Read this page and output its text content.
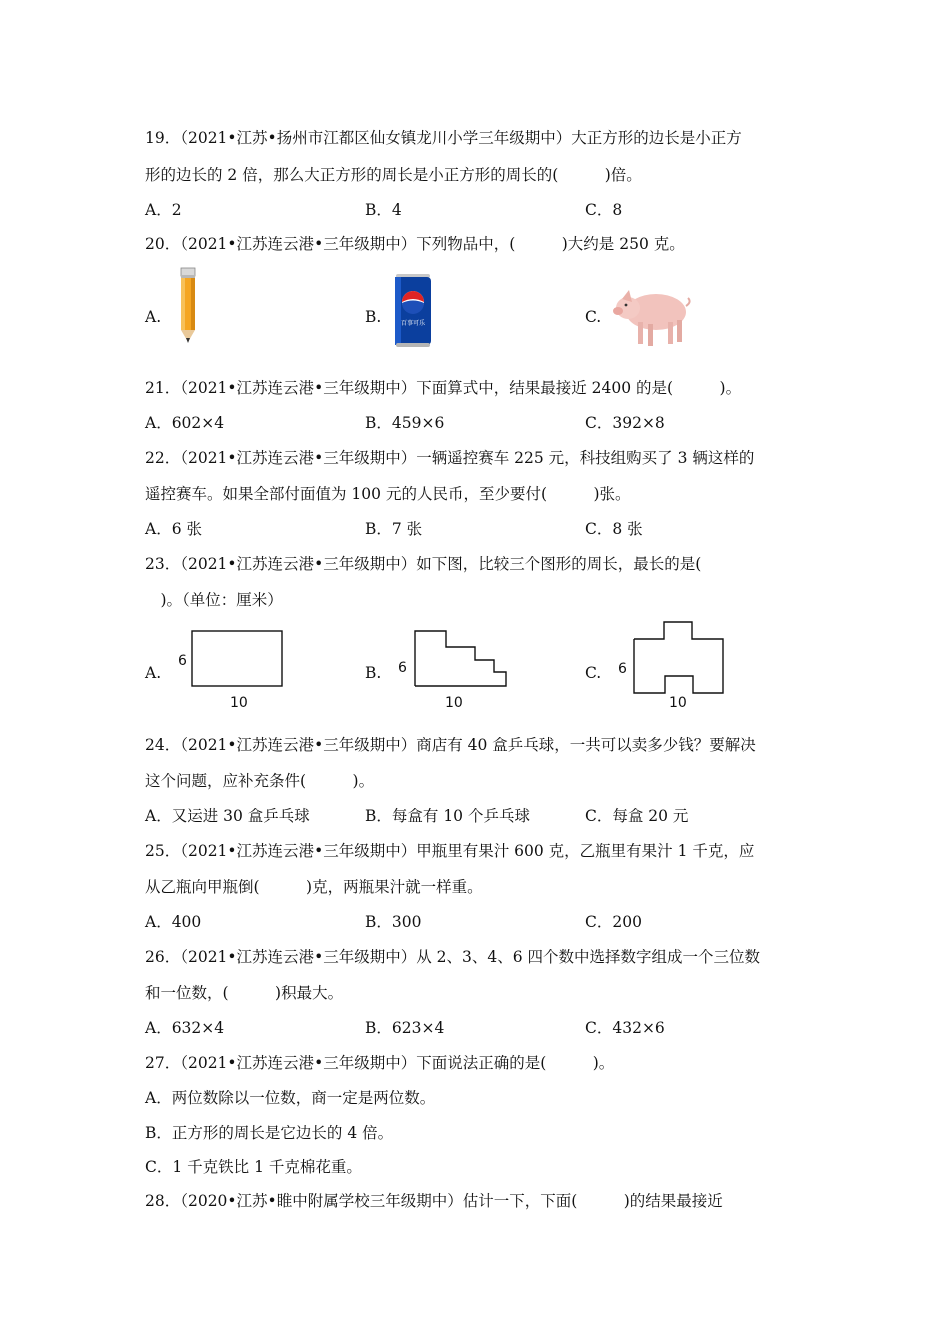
19．（2021•江苏•扬州市江都区仙女镇龙川小学三年级期中）大正方形的边长是小正方
形的边长的 2 倍，那么大正方形的周长是小正方形的周长的(　　　)倍。
A．2	B．4	C．8
20．（2021•江苏连云港•三年级期中）下列物品中，(　　　)大约是 250 克。
A.	B.	C.
百事可乐
21．（2021•江苏连云港•三年级期中）下面算式中，结果最接近 2400 的是(　　　)。
A．602×4	B．459×6	C．392×8
22．（2021•江苏连云港•三年级期中）一辆遥控赛车 225 元，科技组购买了 3 辆这样的
遥控赛车。如果全部付面值为 100 元的人民币，至少要付(　　　)张。
A．6 张	B．7 张	C．8 张
23．（2021•江苏连云港•三年级期中）如下图，比较三个图形的周长，最长的是(
　)。（单位：厘米）
A.	B.	C.
6
10
6
10
6
10
24．（2021•江苏连云港•三年级期中）商店有 40 盒乒乓球，一共可以卖多少钱？要解决
这个问题，应补充条件(　　　)。
A．又运进 30 盒乒乓球	B．每盒有 10 个乒乓球	C．每盒 20 元
25．（2021•江苏连云港•三年级期中）甲瓶里有果汁 600 克，乙瓶里有果汁 1 千克，应
从乙瓶向甲瓶倒(　　　)克，两瓶果汁就一样重。
A．400	B．300	C．200
26．（2021•江苏连云港•三年级期中）从 2、3、4、6 四个数中选择数字组成一个三位数
和一位数，(　　　)积最大。
A．632×4	B．623×4	C．432×6
27．（2021•江苏连云港•三年级期中）下面说法正确的是(　　　)。
A．两位数除以一位数，商一定是两位数。
B．正方形的周长是它边长的 4 倍。
C．1 千克铁比 1 千克棉花重。
28．（2020•江苏•睢中附属学校三年级期中）估计一下，下面(　　　)的结果最接近
